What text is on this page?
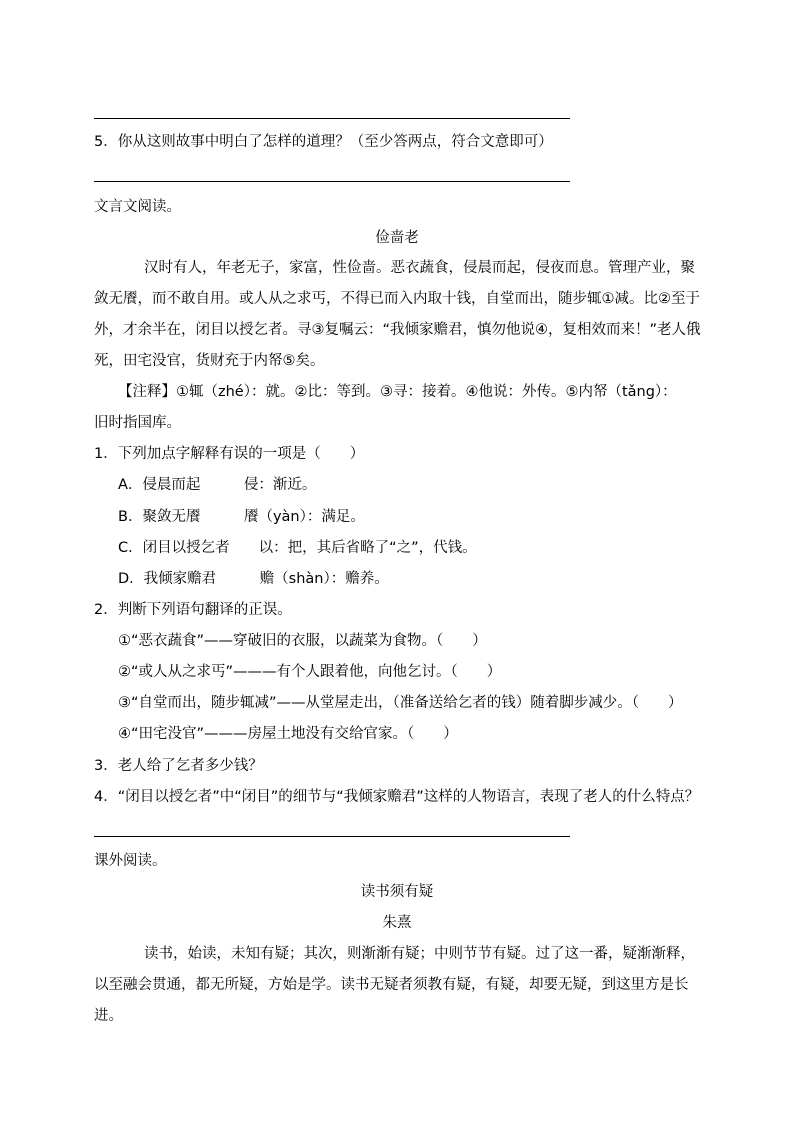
5．你从这则故事中明白了怎样的道理？（至少答两点，符合文意即可）
文言文阅读。
俭啬老
汉时有人，年老无子，家富，性俭啬。恶衣蔬食，侵晨而起，侵夜而息。管理产业，聚
敛无餍，而不敢自用。或人从之求丐，不得已而入内取十钱，自堂而出，随步辄①减。比②至于
外，才余半在，闭目以授乞者。寻③复嘱云：“我倾家赡君，慎勿他说④，复相效而来！”老人俄
死，田宅没官，货财充于内帑⑤矣。
【注释】①辄（zhé）：就。②比：等到。③寻：接着。④他说：外传。⑤内帑（tǎng）：
旧时指国库。
1．下列加点字解释有误的一项是（　　）
A．侵晨而起　　　侵：渐近。
B．聚敛无餍　　　餍（yàn）：满足。
C．闭目以授乞者　　以：把，其后省略了“之”，代钱。
D．我倾家赡君　　　赡（shàn）：赡养。
2．判断下列语句翻译的正误。
①“恶衣蔬食”——穿破旧的衣服，以蔬菜为食物。（　　）
②“或人从之求丐”———有个人跟着他，向他乞讨。（　　）
③“自堂而出，随步辄减”——从堂屋走出，（准备送给乞者的钱）随着脚步减少。（　　）
④“田宅没官”———房屋土地没有交给官家。（　　）
3．老人给了乞者多少钱？
4．“闭目以授乞者”中“闭目”的细节与“我倾家赡君”这样的人物语言，表现了老人的什么特点？
课外阅读。
读书须有疑
朱熹
读书，始读，未知有疑；其次，则渐渐有疑；中则节节有疑。过了这一番，疑渐渐释，
以至融会贯通，都无所疑，方始是学。读书无疑者须教有疑，有疑，却要无疑，到这里方是长
进。
